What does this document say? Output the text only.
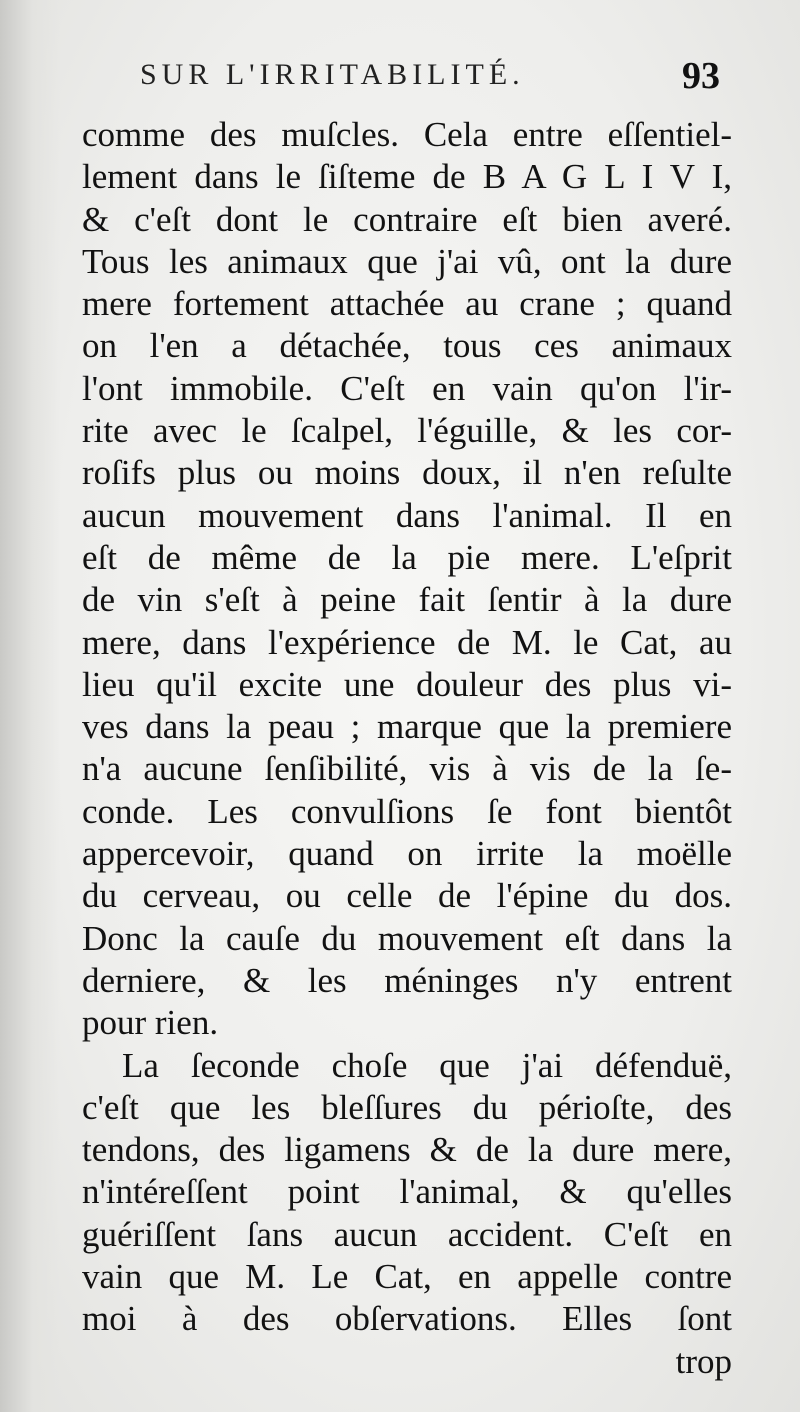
SUR L'IRRITABILITÉ.	93
comme des muſcles. Cela entre eſſentiel-
lement dans le ſiſteme de B A G L I V I,
& c'eſt dont le contraire eſt bien averé.
Tous les animaux que j'ai vû, ont la dure
mere fortement attachée au crane ; quand
on l'en a détachée, tous ces animaux
l'ont immobile. C'eſt en vain qu'on l'ir-
rite avec le ſcalpel, l'éguille, & les cor-
roſifs plus ou moins doux, il n'en reſulte
aucun mouvement dans l'animal. Il en
eſt de même de la pie mere. L'eſprit
de vin s'eſt à peine fait ſentir à la dure
mere, dans l'expérience de M. le Cat, au
lieu qu'il excite une douleur des plus vi-
ves dans la peau ; marque que la premiere
n'a aucune ſenſibilité, vis à vis de la ſe-
conde. Les convulſions ſe font bientôt
appercevoir, quand on irrite la moëlle
du cerveau, ou celle de l'épine du dos.
Donc la cauſe du mouvement eſt dans la
derniere, & les méninges n'y entrent
pour rien.
La ſeconde choſe que j'ai défenduë,
c'eſt que les bleſſures du périoſte, des
tendons, des ligamens & de la dure mere,
n'intéreſſent point l'animal, & qu'elles
guériſſent ſans aucun accident. C'eſt en
vain que M. Le Cat, en appelle contre
moi à des obſervations. Elles ſont
trop
